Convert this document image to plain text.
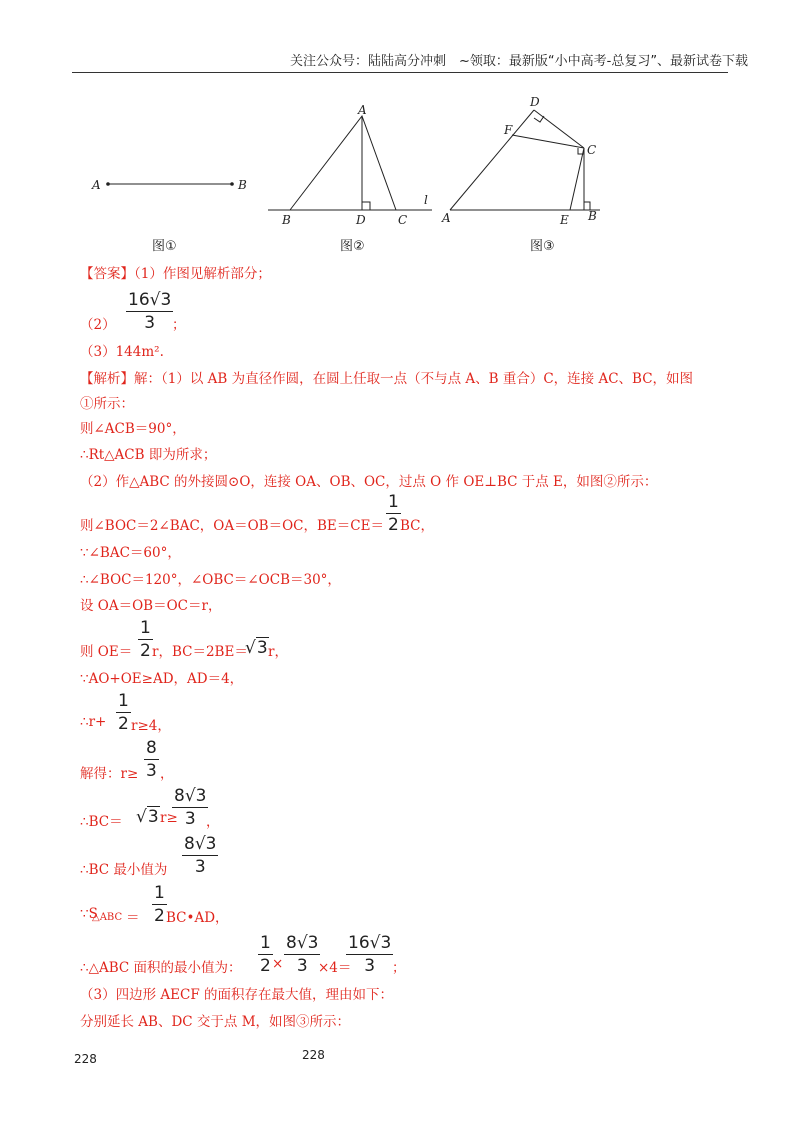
关注公众号：陆陆高分冲刺　~领取：最新版“小中高考-总复习”、最新试卷下载
A	B
图①
A
B	D	C
l
图②
D
F
C
A	E B
图③
【答案】（1）作图见解析部分；
（2）
16√3
3	；
（3）144m².
【解析】解：（1）以 AB 为直径作圆，在圆上任取一点（不与点 A、B 重合）C，连接 AC、BC，如图
①所示：
则∠ACB＝90°，
∴Rt△ACB 即为所求；
（2）作△ABC 的外接圆⊙O，连接 OA、OB、OC，过点 O 作 OE⊥BC 于点 E，如图②所示：
则∠BOC＝2∠BAC，OA＝OB＝OC，BE＝CE＝
1
2 BC，
∵∠BAC＝60°，
∴∠BOC＝120°，∠OBC＝∠OCB＝30°，
设 OA＝OB＝OC＝r，
则 OE＝
1
2 r，BC＝2BE＝
√3 r，
∵AO+OE≥AD，AD＝4，
∴r+
1
2 r≥4，
解得：r≥
8
3 ，
∴BC＝ √3 r≥
8√3
3 ，
∴BC 最小值为
8√3
3
∵S
△ABC ＝
1
2 BC•AD，
∴△ABC 面积的最小值为：
1
2 ×
8√3
3 ×4＝
16√3
3	；
（3）四边形 AECF 的面积存在最大值，理由如下：
分别延长 AB、DC 交于点 M，如图③所示：
228	228
